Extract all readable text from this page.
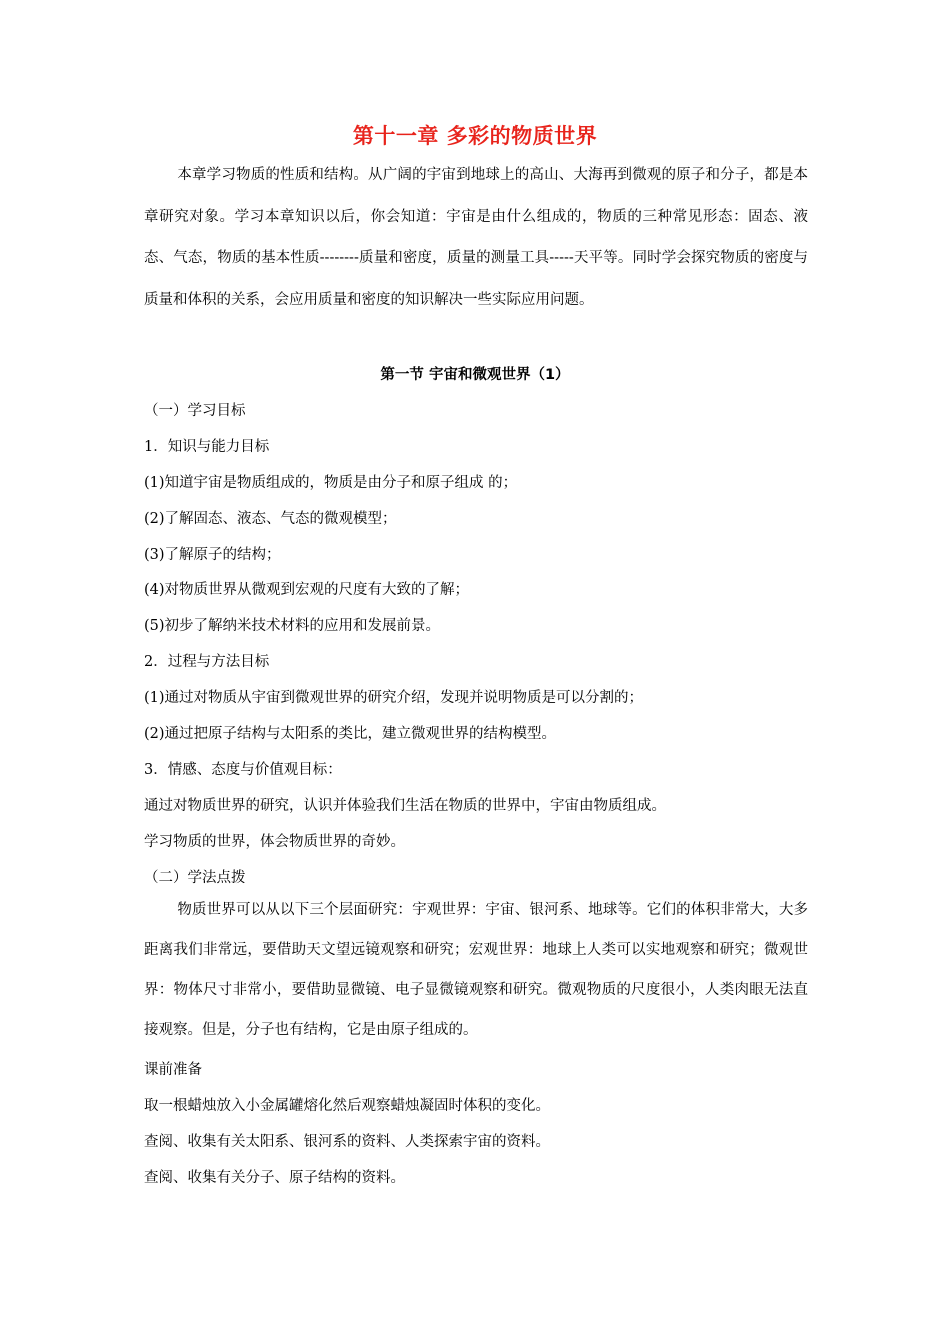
第十一章 多彩的物质世界

本章学习物质的性质和结构。从广阔的宇宙到地球上的高山、大海再到微观的原子和分子，都是本章研究对象。学习本章知识以后，你会知道：宇宙是由什么组成的，物质的三种常见形态：固态、液态、气态，物质的基本性质--------质量和密度，质量的测量工具-----天平等。同时学会探究物质的密度与质量和体积的关系，会应用质量和密度的知识解决一些实际应用问题。

第一节 宇宙和微观世界（1）

（一）学习目标

1．知识与能力目标

(1)知道宇宙是物质组成的，物质是由分子和原子组成 的；

(2)了解固态、液态、气态的微观模型；

(3)了解原子的结构；

(4)对物质世界从微观到宏观的尺度有大致的了解；

(5)初步了解纳米技术材料的应用和发展前景。

2．过程与方法目标

(1)通过对物质从宇宙到微观世界的研究介绍，发现并说明物质是可以分割的；

(2)通过把原子结构与太阳系的类比，建立微观世界的结构模型。

3．情感、态度与价值观目标：

通过对物质世界的研究，认识并体验我们生活在物质的世界中，宇宙由物质组成。

学习物质的世界，体会物质世界的奇妙。

（二）学法点拨

物质世界可以从以下三个层面研究：宇观世界：宇宙、银河系、地球等。它们的体积非常大，大多距离我们非常远，要借助天文望远镜观察和研究；宏观世界：地球上人类可以实地观察和研究；微观世界：物体尺寸非常小，要借助显微镜、电子显微镜观察和研究。微观物质的尺度很小，人类肉眼无法直接观察。但是，分子也有结构，它是由原子组成的。

课前准备

取一根蜡烛放入小金属罐熔化然后观察蜡烛凝固时体积的变化。

查阅、收集有关太阳系、银河系的资料、人类探索宇宙的资料。

查阅、收集有关分子、原子结构的资料。
